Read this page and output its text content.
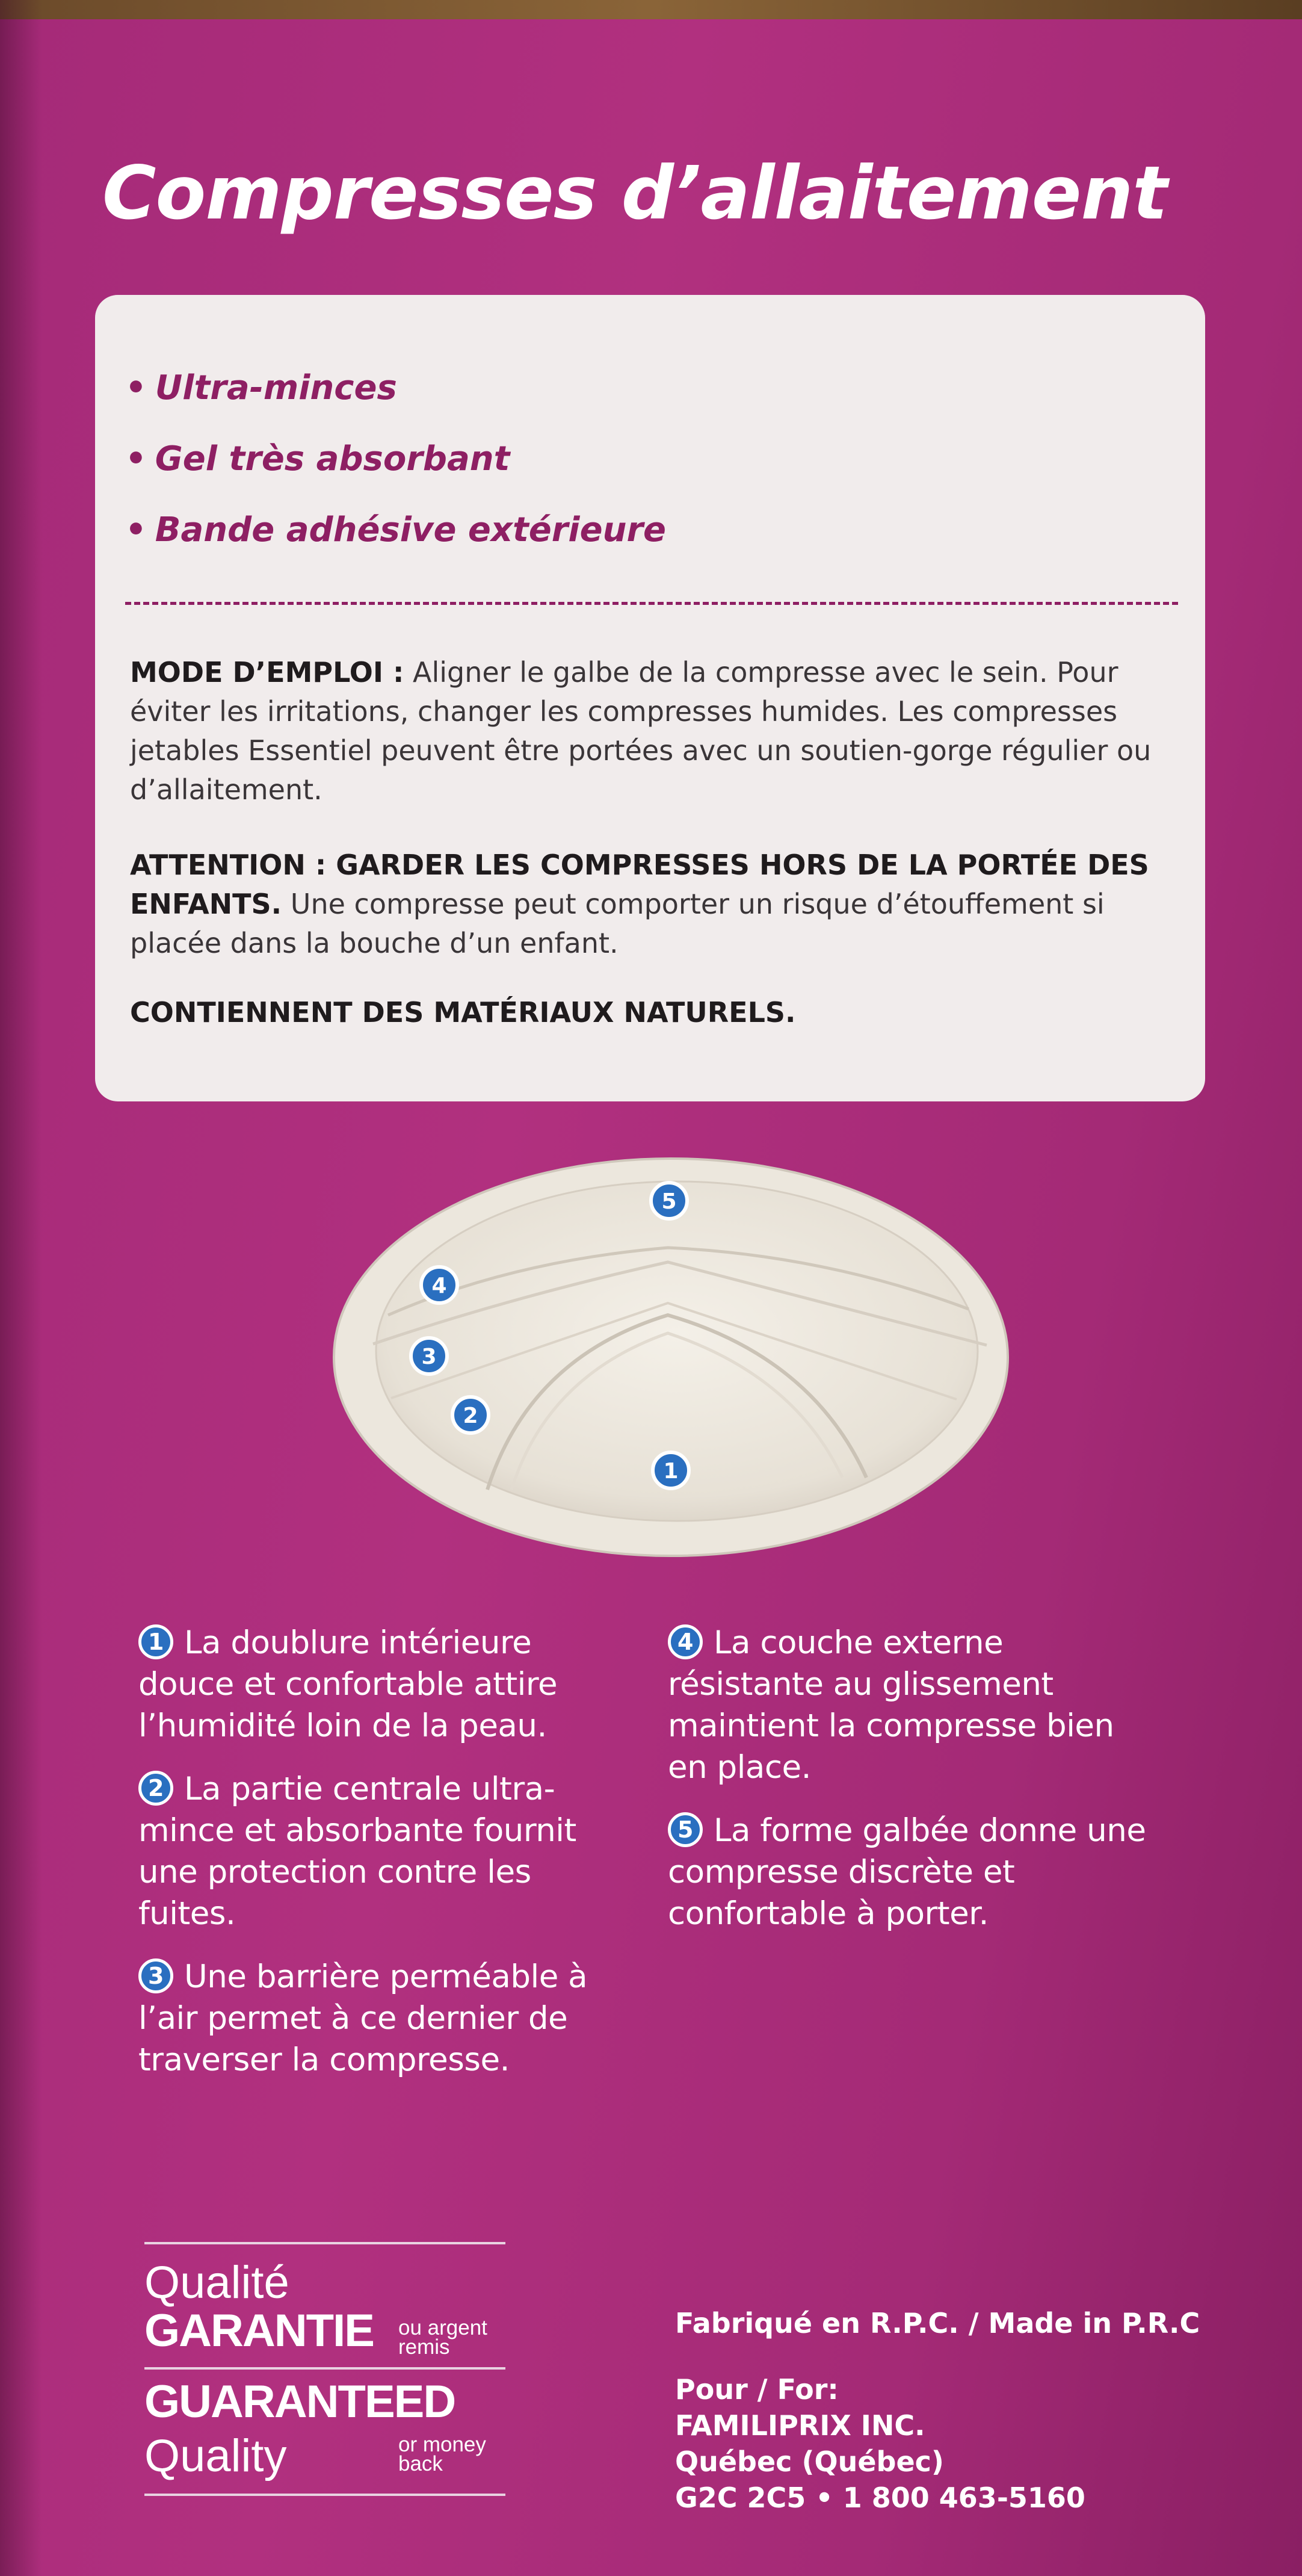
Compresses d’allaitement
• Ultra-minces
• Gel très absorbant
• Bande adhésive extérieure
MODE D’EMPLOI : Aligner le galbe de la compresse avec le sein. Pour éviter les irritations, changer les compresses humides. Les compresses jetables Essentiel peuvent être portées avec un soutien-gorge régulier ou d’allaitement.
ATTENTION : GARDER LES COMPRESSES HORS DE LA PORTÉE DES ENFANTS. Une compresse peut comporter un risque d’étouffement si placée dans la bouche d’un enfant.
CONTIENNENT DES MATÉRIAUX NATURELS.
5
4
3
2
1
1 La doublure intérieure douce et confortable attire l’humidité loin de la peau.
2 La partie centrale ultra-mince et absorbante fournit une protection contre les fuites.
3 Une barrière perméable à l’air permet à ce dernier de traverser la compresse.
4 La couche externe résistante au glissement maintient la compresse bien en place.
5 La forme galbée donne une compresse discrète et confortable à porter.
Qualité
GARANTIE ou argent
remis
GUARANTEED
Quality	or money
back
Fabriqué en R.P.C. / Made in P.R.C
Pour / For:
FAMILIPRIX INC.
Québec (Québec)
G2C 2C5 • 1 800 463-5160
